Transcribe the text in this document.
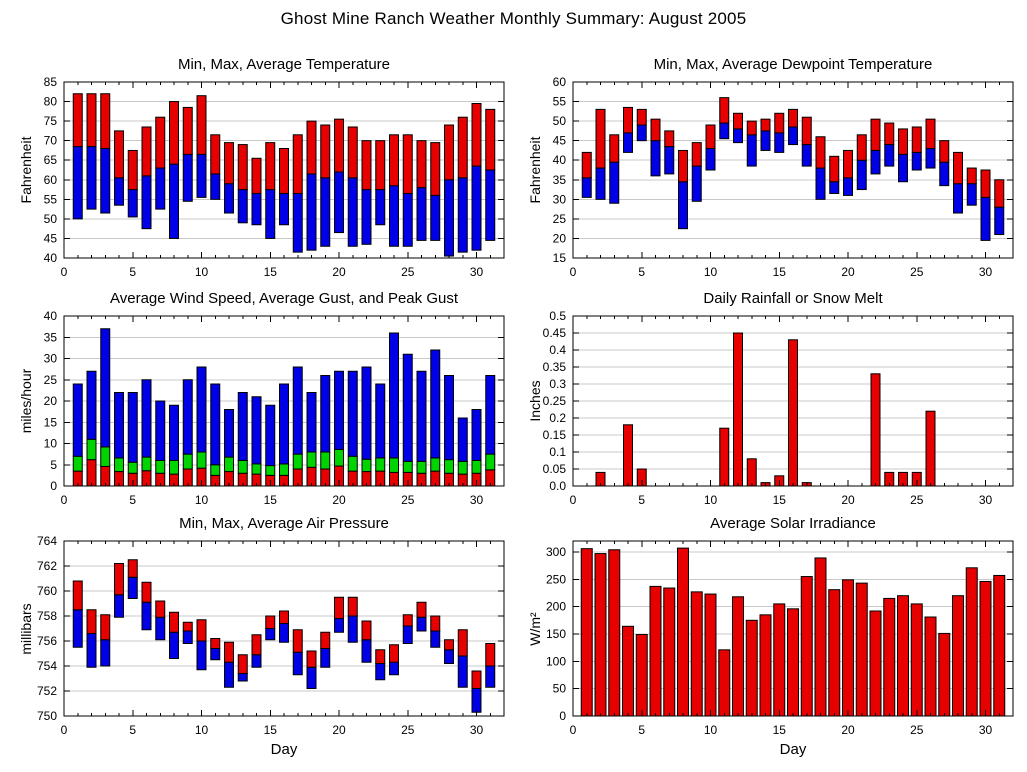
Ghost Mine Ranch Weather Monthly Summary: August 2005
Min, Max, Average Temperature
Fahrenheit
40
45
50
55
60
65
70
75
80
85
0	5	10	15	20	25	30
Min, Max, Average Dewpoint Temperature
Fahrenheit
15
20
25
30
35
40
45
50
55
60
0	5	10	15	20	25	30
Average Wind Speed, Average Gust, and Peak Gust
miles/hour
0
5
10
15
20
25
30
35
40
0	5	10	15	20	25	30
Daily Rainfall or Snow Melt
Inches
0.0
0.05
0.1
0.15
0.2
0.25
0.3
0.35
0.4
0.45
0.5
0	5	10	15	20	25	30
Min, Max, Average Air Pressure
millibars
750
752
754
756
758
760
762
764
0	5	10	15	20	25	30
Day
Average Solar Irradiance
W/m²
0
50
100
150
200
250
300
0	5	10	15	20	25	30
Day
